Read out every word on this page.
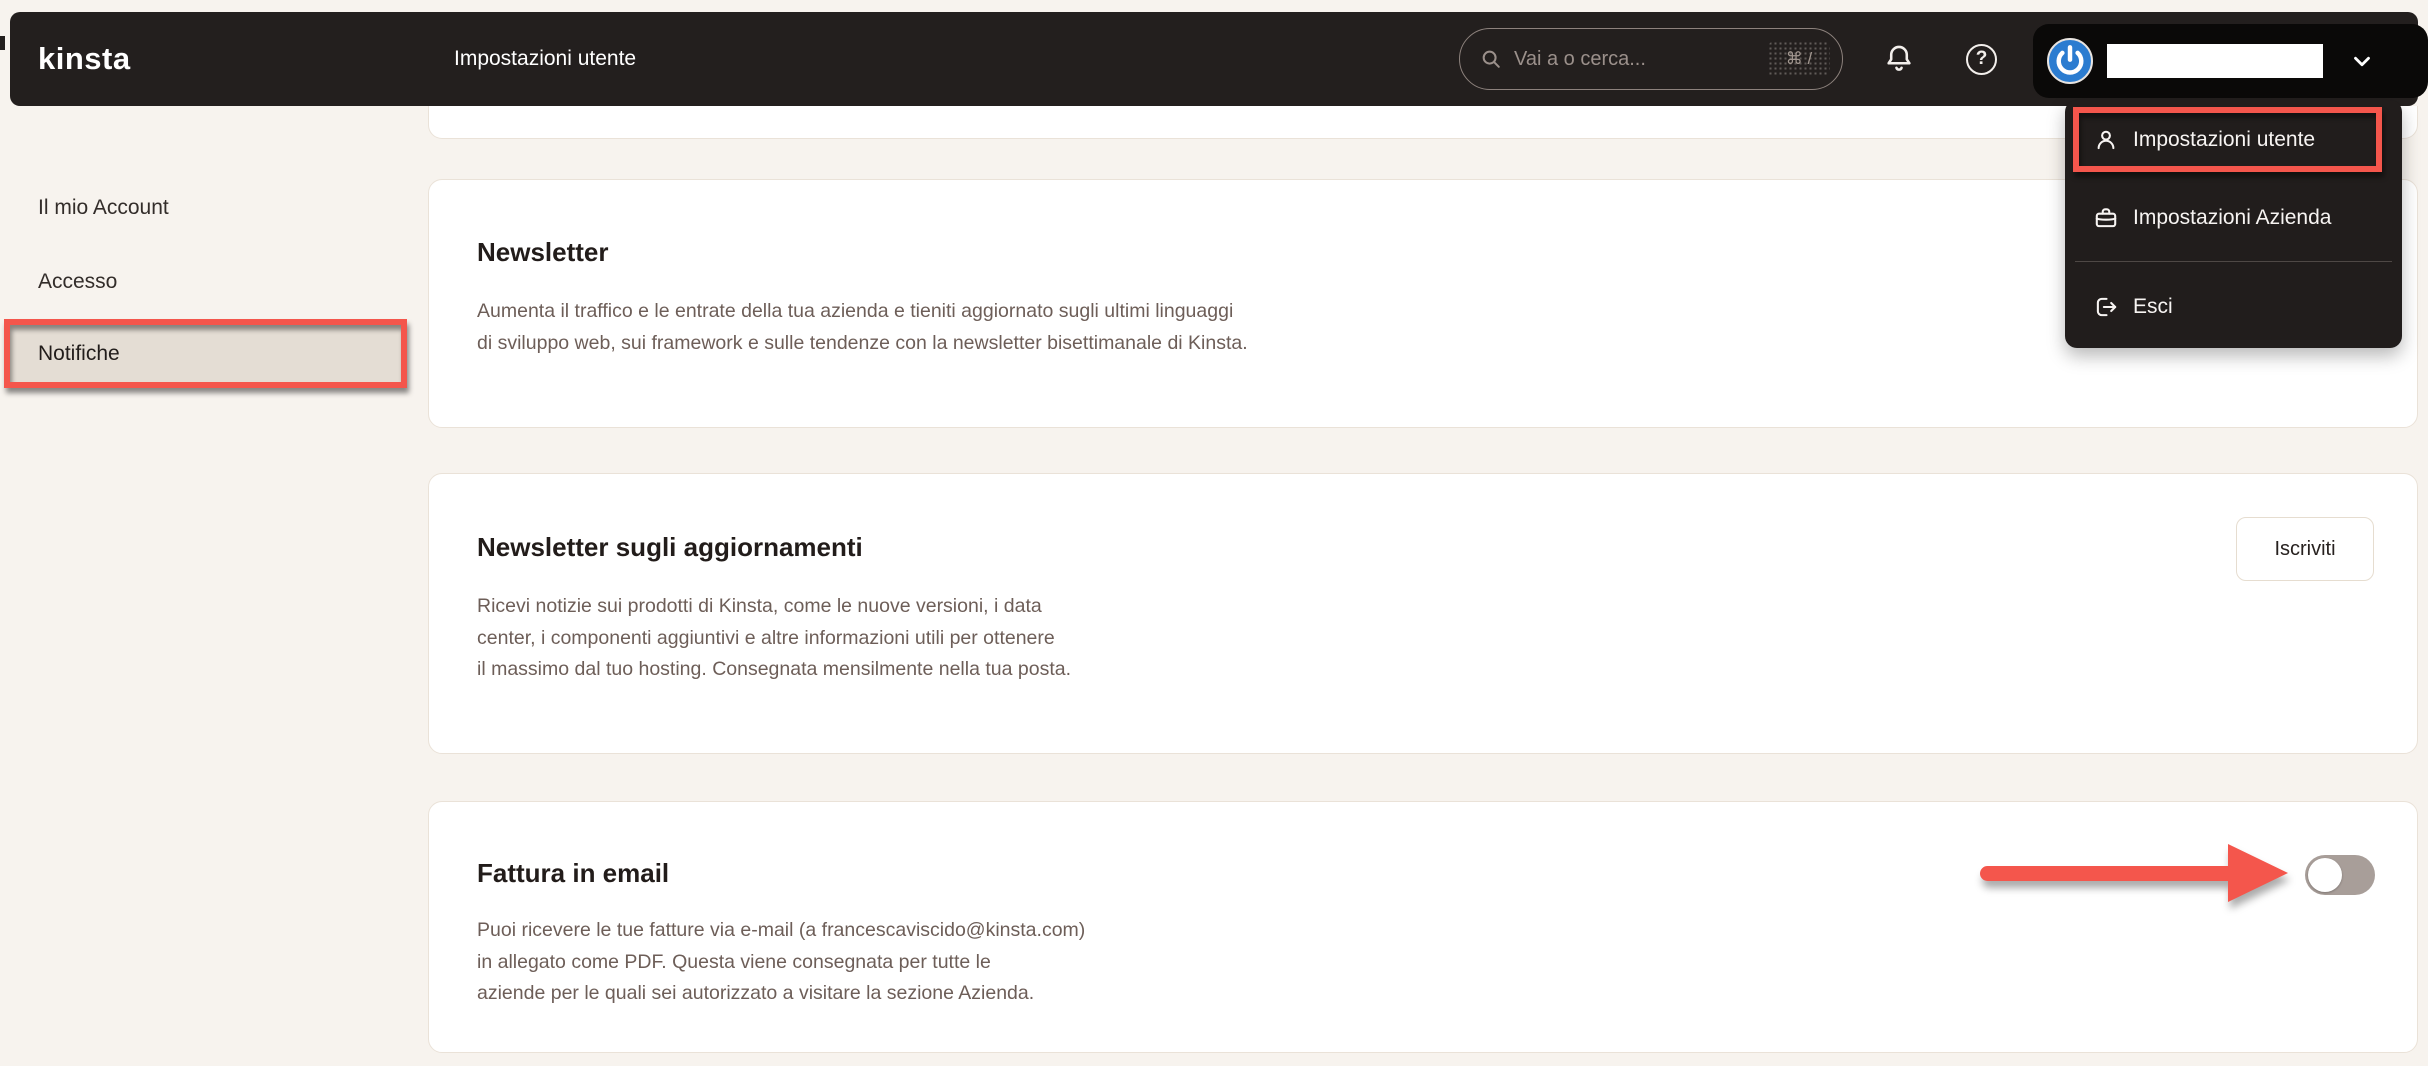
kinsta	Impostazioni utente	Vai a o cerca...	⌘ /	?
Impostazioni utente
Impostazioni Azienda
Esci
Il mio Account
Accesso
Notifiche
Newsletter
Aumenta il traffico e le entrate della tua azienda e tieniti aggiornato sugli ultimi linguaggi
di sviluppo web, sui framework e sulle tendenze con la newsletter bisettimanale di Kinsta.
Newsletter sugli aggiornamenti
Ricevi notizie sui prodotti di Kinsta, come le nuove versioni, i data
center, i componenti aggiuntivi e altre informazioni utili per ottenere
il massimo dal tuo hosting. Consegnata mensilmente nella tua posta.
Iscriviti
Fattura in email
Puoi ricevere le tue fatture via e-mail (a francescaviscido@kinsta.com)
in allegato come PDF. Questa viene consegnata per tutte le
aziende per le quali sei autorizzato a visitare la sezione Azienda.
